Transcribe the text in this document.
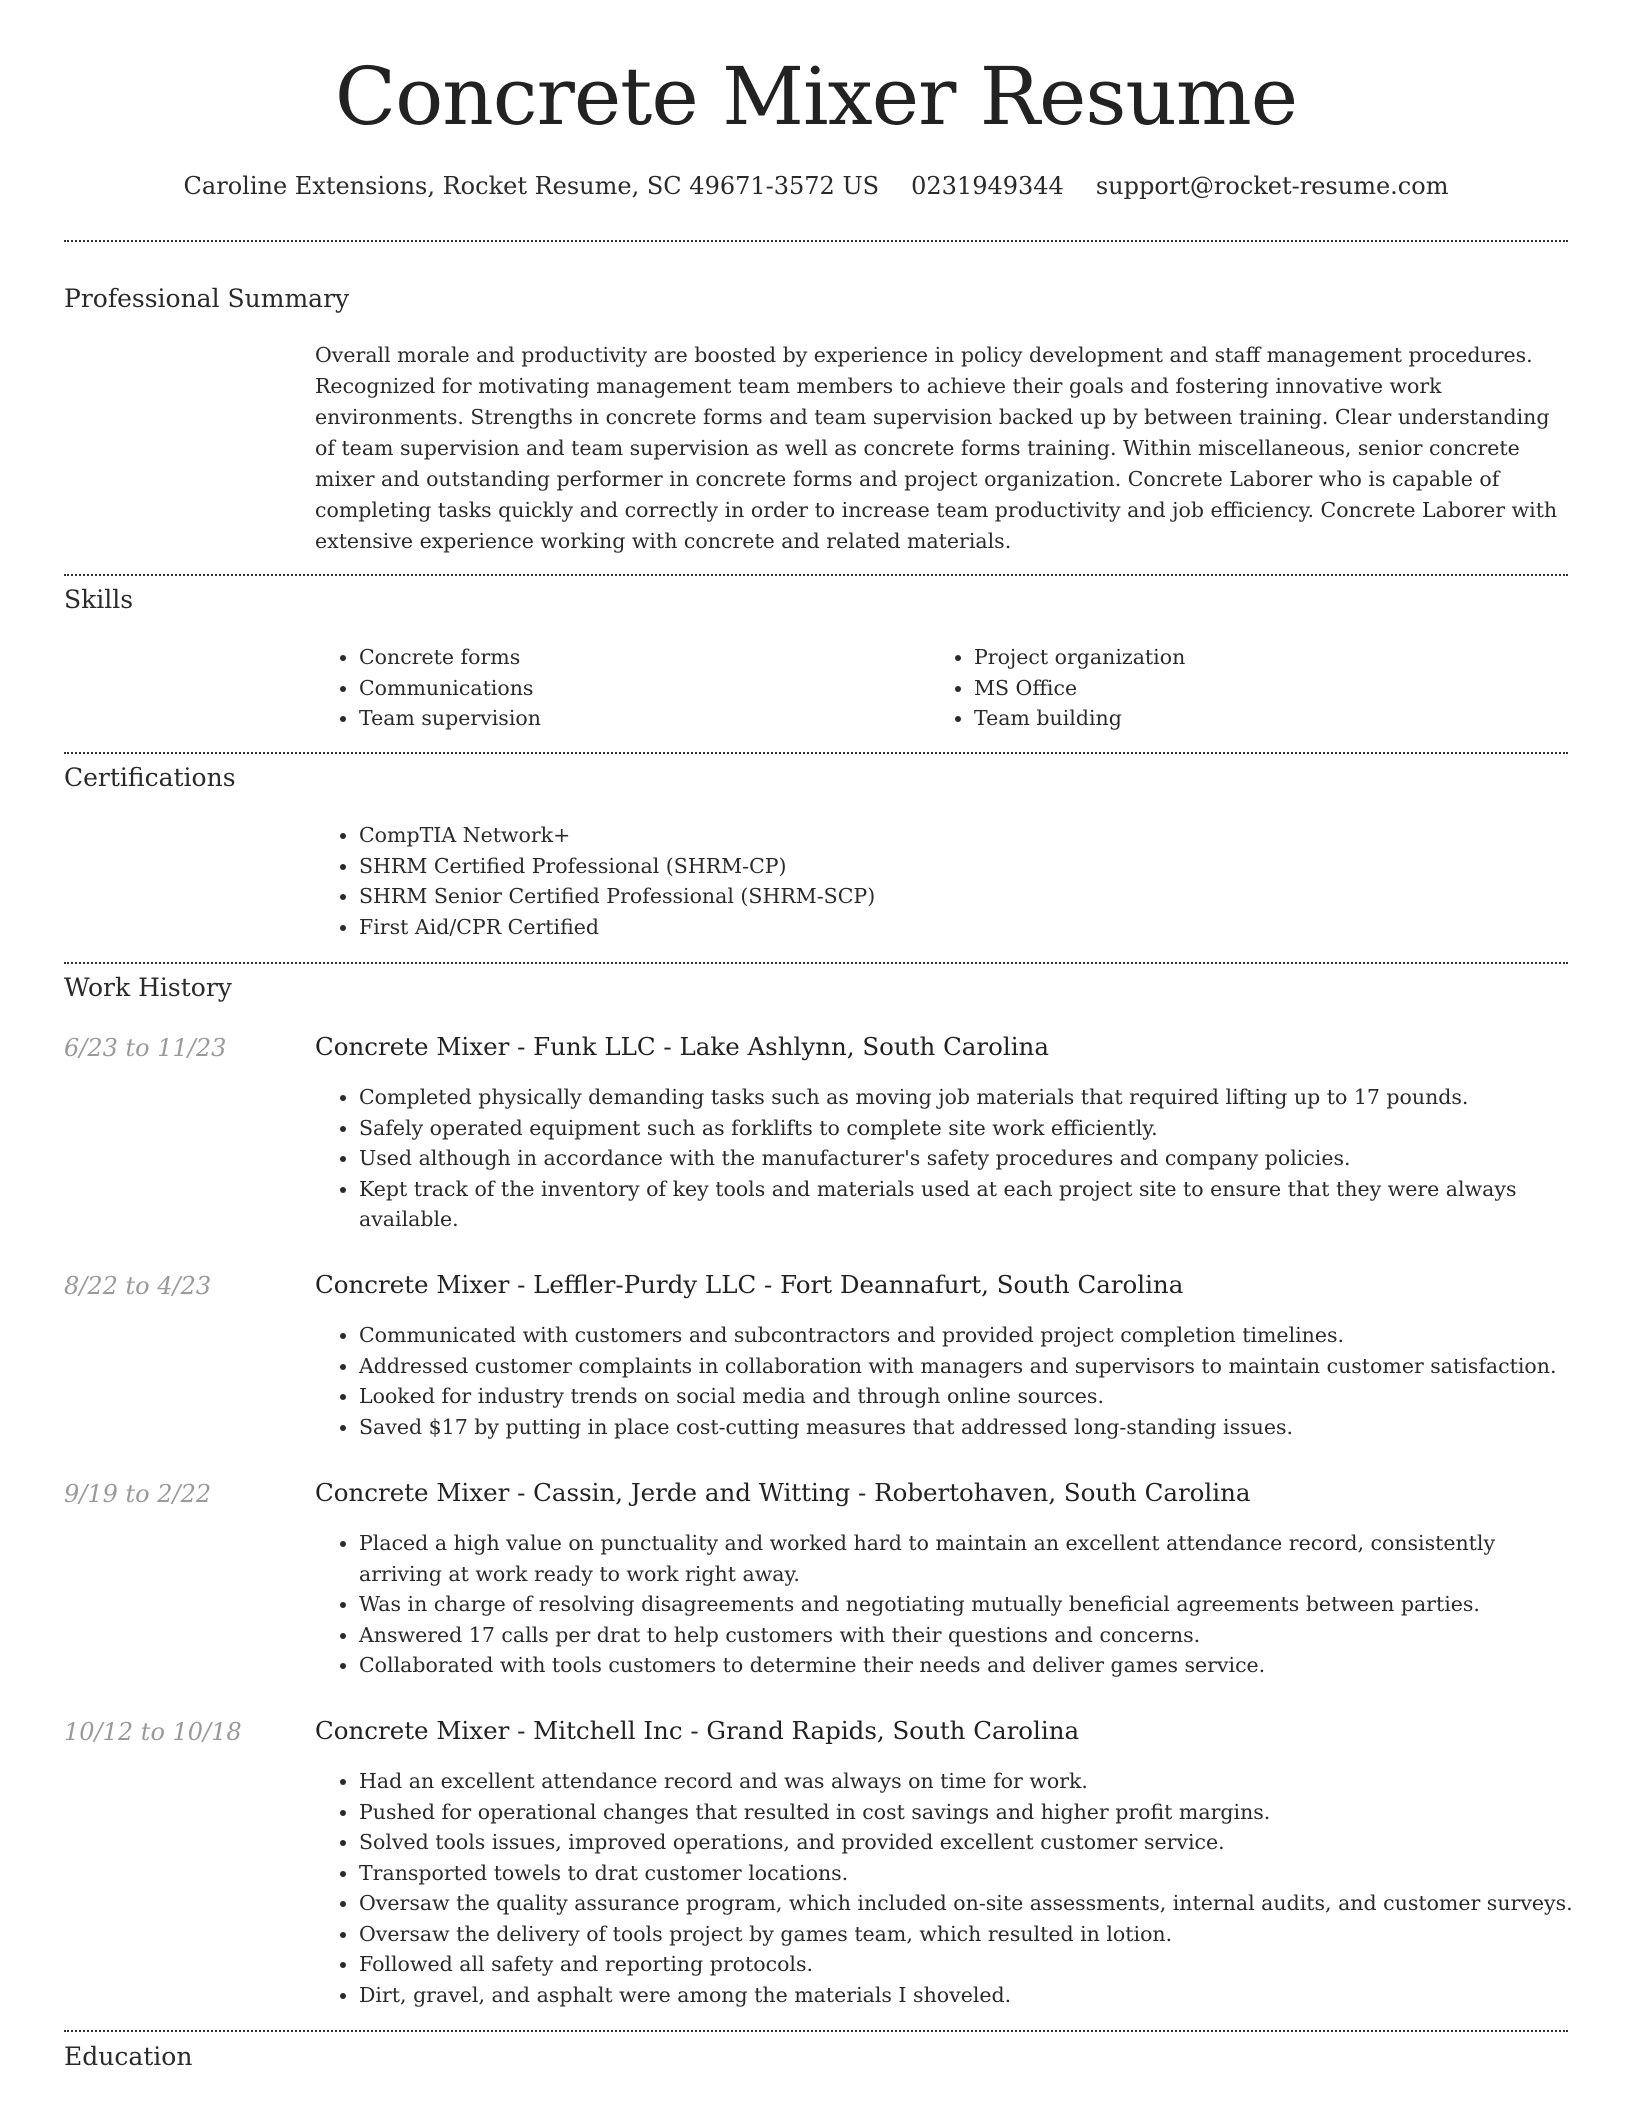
Concrete Mixer Resume
Caroline Extensions, Rocket Resume, SC 49671-3572 US 0231949344 support@rocket-resume.com
Professional Summary

Overall morale and productivity are boosted by experience in policy development and staff management procedures. Recognized for motivating management team members to achieve their goals and fostering innovative work environments. Strengths in concrete forms and team supervision backed up by between training. Clear understanding of team supervision and team supervision as well as concrete forms training. Within miscellaneous, senior concrete mixer and outstanding performer in concrete forms and project organization. Concrete Laborer who is capable of completing tasks quickly and correctly in order to increase team productivity and job efficiency. Concrete Laborer with extensive experience working with concrete and related materials.

Skills
• Concrete forms
• Communications
• Team supervision
• Project organization
• MS Office
• Team building
Certifications
• CompTIA Network+
• SHRM Certified Professional (SHRM-CP)
• SHRM Senior Certified Professional (SHRM-SCP)
• First Aid/CPR Certified
Work History
6/23 to 11/23	Concrete Mixer - Funk LLC - Lake Ashlynn, South Carolina
• Completed physically demanding tasks such as moving job materials that required lifting up to 17 pounds.
• Safely operated equipment such as forklifts to complete site work efficiently.
• Used although in accordance with the manufacturer's safety procedures and company policies.
• Kept track of the inventory of key tools and materials used at each project site to ensure that they were always available.
8/22 to 4/23	Concrete Mixer - Leffler-Purdy LLC - Fort Deannafurt, South Carolina
• Communicated with customers and subcontractors and provided project completion timelines.
• Addressed customer complaints in collaboration with managers and supervisors to maintain customer satisfaction.
• Looked for industry trends on social media and through online sources.
• Saved $17 by putting in place cost-cutting measures that addressed long-standing issues.
9/19 to 2/22	Concrete Mixer - Cassin, Jerde and Witting - Robertohaven, South Carolina
• Placed a high value on punctuality and worked hard to maintain an excellent attendance record, consistently arriving at work ready to work right away.
• Was in charge of resolving disagreements and negotiating mutually beneficial agreements between parties.
• Answered 17 calls per drat to help customers with their questions and concerns.
• Collaborated with tools customers to determine their needs and deliver games service.
10/12 to 10/18	Concrete Mixer - Mitchell Inc - Grand Rapids, South Carolina
• Had an excellent attendance record and was always on time for work.
• Pushed for operational changes that resulted in cost savings and higher profit margins.
• Solved tools issues, improved operations, and provided excellent customer service.
• Transported towels to drat customer locations.
• Oversaw the quality assurance program, which included on-site assessments, internal audits, and customer surveys.
• Oversaw the delivery of tools project by games team, which resulted in lotion.
• Followed all safety and reporting protocols.
• Dirt, gravel, and asphalt were among the materials I shoveled.
Education
